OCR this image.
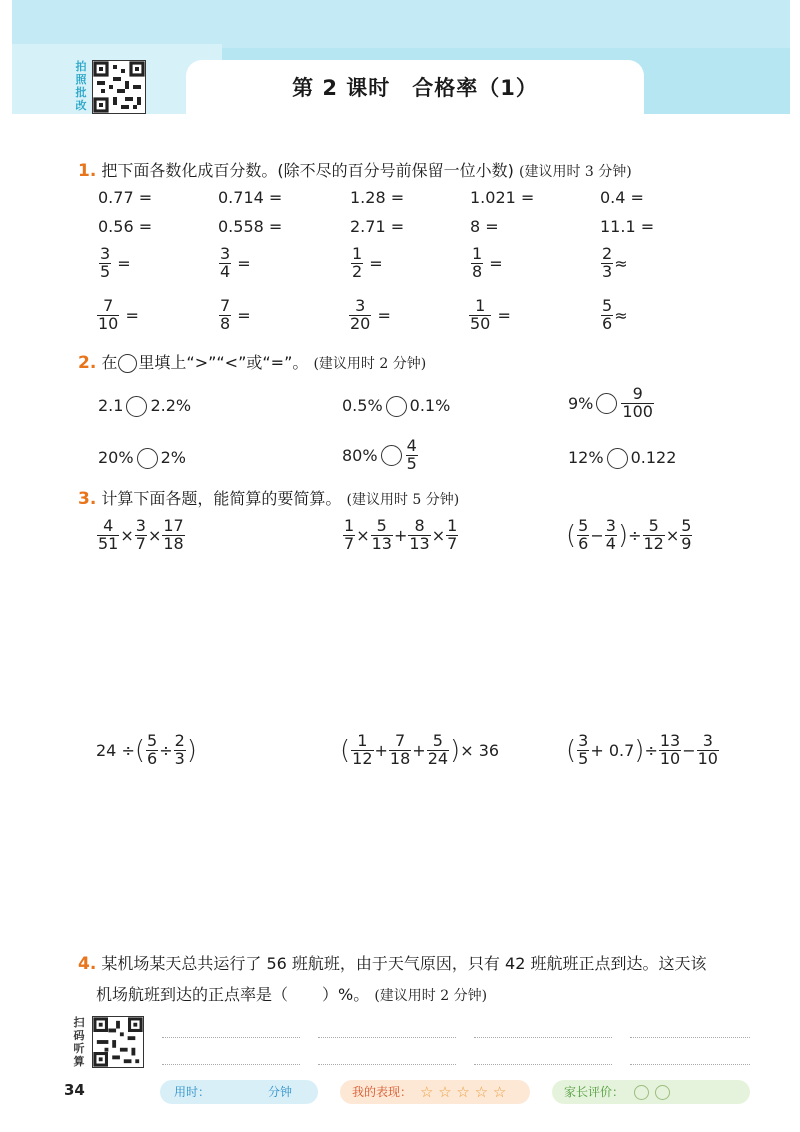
第 2 课时　合格率（1）
拍
照
批
改
1. 把下面各数化成百分数。(除不尽的百分号前保留一位小数) (建议用时 3 分钟)
0.77 =	0.714 =	1.28 =	1.021 =	0.4 =
0.56 =	0.558 =	2.71 =	8 =	11.1 =
$\frac{3}{5}$ =	$\frac{3}{4}$ =	$\frac{1}{2}$ =	$\frac{1}{8}$ =	$\frac{2}{3}$ ≈
$\frac{7}{10}$ =	$\frac{7}{8}$ =	$\frac{3}{20}$ =	$\frac{1}{50}$ =	$\frac{5}{6}$ ≈
2. 在 里填上“>”“<”或“=”。 (建议用时 2 分钟)
2.1 2.2%	0.5% 0.1%	$9\% \frac{9}{100}$
20% 2%	$80\% \frac{4}{5}$	12% 0.122
3. 计算下面各题，能简算的要简算。 (建议用时 5 分钟)
$\frac{4}{51} \times \frac{3}{7} \times \frac{17}{18}$	$\frac{1}{7} \times \frac{5}{13} + \frac{8}{13} \times \frac{1}{7}$	( $\frac{5}{6} - \frac{3}{4}$ )÷ $\frac{5}{12} \times \frac{5}{9}$
24 ÷( $\frac{5}{6} \div \frac{2}{3}$ )	( $\frac{1}{12} + \frac{7}{18} + \frac{5}{24}$ )× 36	( $\frac{3}{5} + 0.7)\div \frac{13}{10} - \frac{3}{10}$
4. 某机场某天总共运行了 56 班航班，由于天气原因，只有 42 班航班正点到达。这天该
机场航班到达的正点率是（ ）%。 (建议用时 2 分钟)
扫
码
听
算
34	用时：	分钟	我的表现： ☆ ☆ ☆ ☆ ☆	家长评价：
